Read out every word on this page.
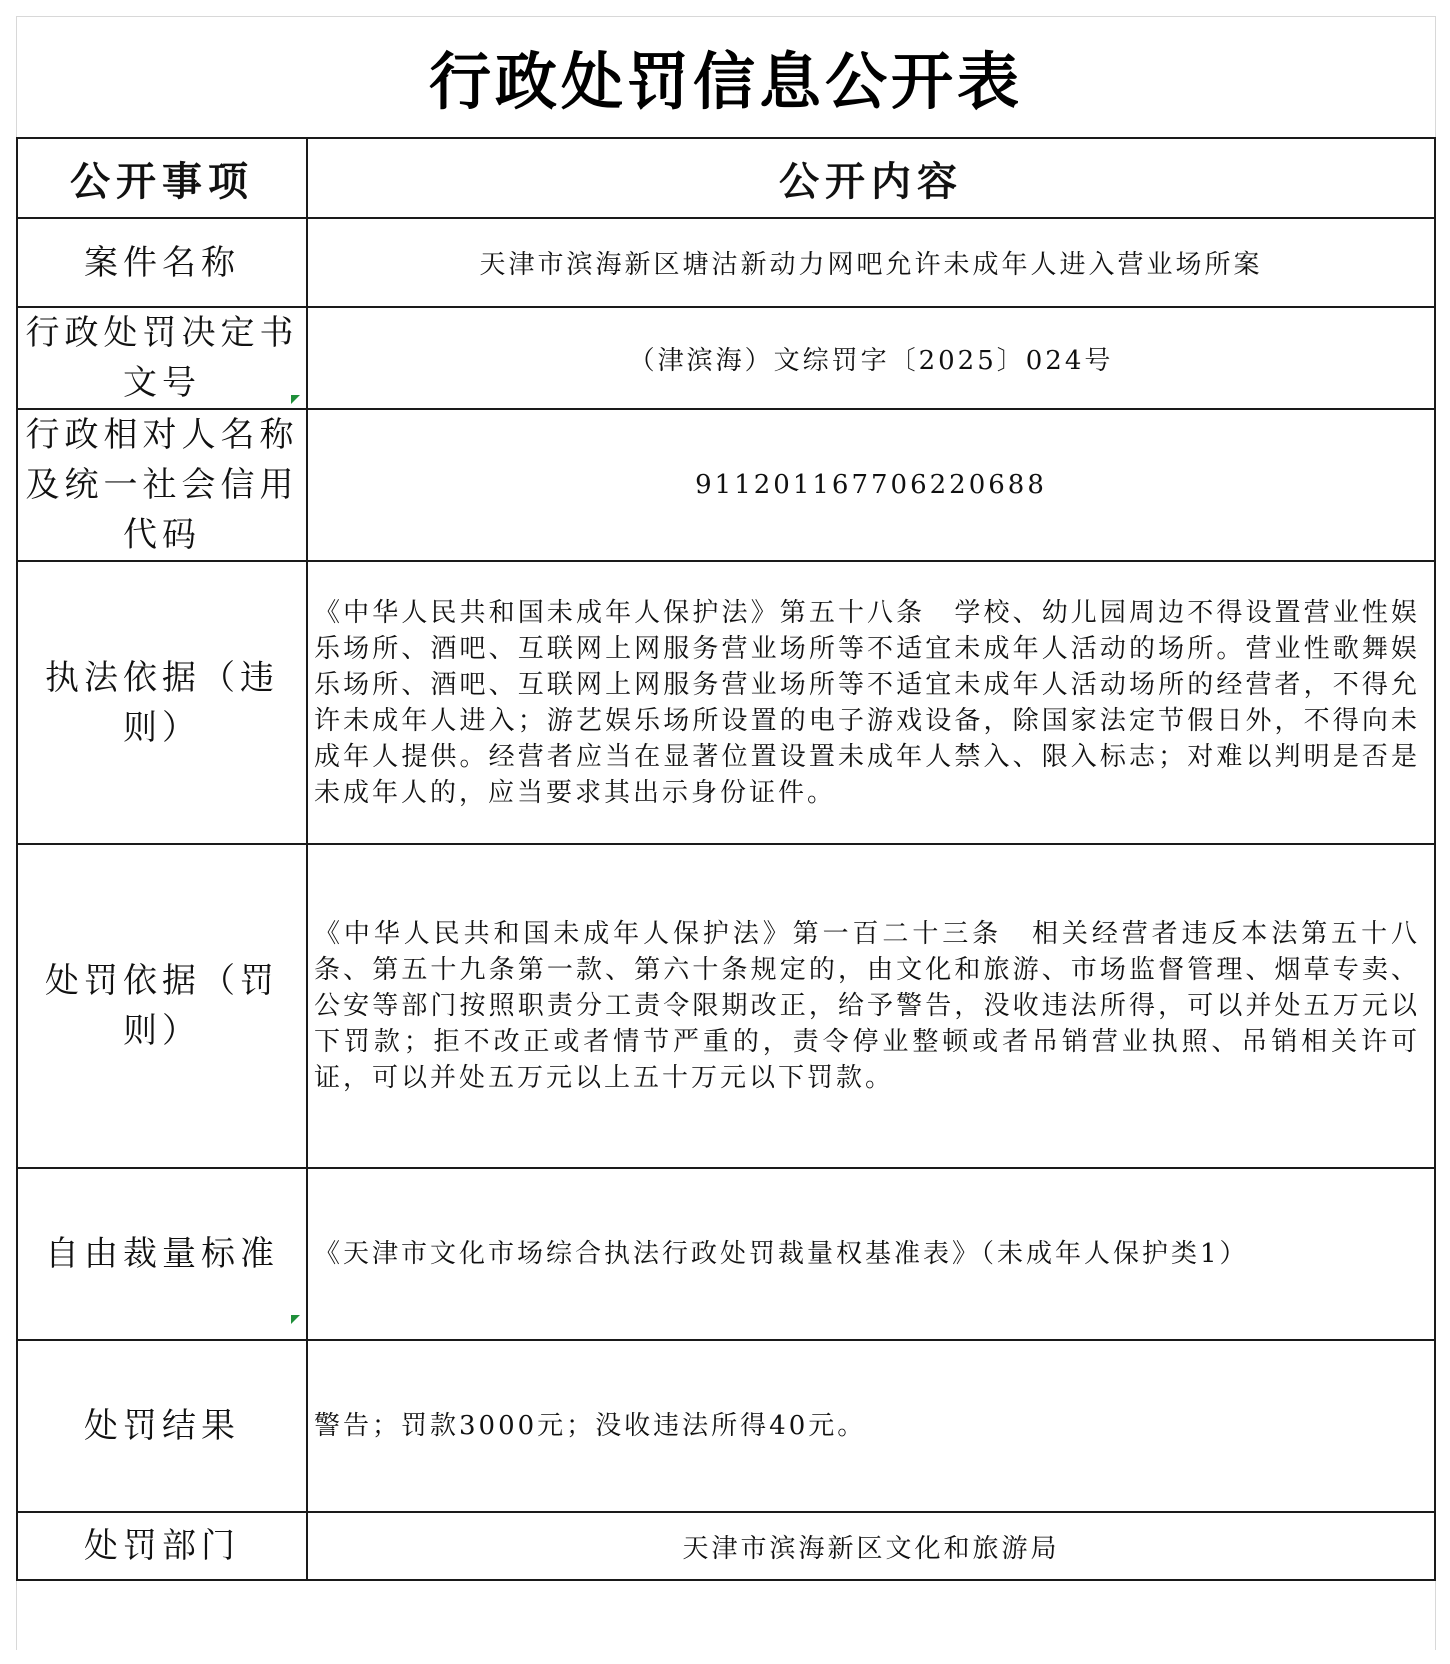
行政处罚信息公开表
公开事项	公开内容
案件名称	天津市滨海新区塘沽新动力网吧允许未成年人进入营业场所案
行政处罚决定书文号	（津滨海）文综罚字〔2025〕024号
行政相对人名称及统一社会信用代码	91120116770622068​8
执法依据（违则）	《中华人民共和国未成年人保护法》第五十八条　学校、幼儿园周边不得设置营业性娱乐场所、酒吧、互联网上网服务营业场所等不适宜未成年人活动的场所。营业性歌舞娱乐场所、酒吧、互联网上网服务营业场所等不适宜未成年人活动场所的经营者，不得允许未成年人进入；游艺娱乐场所设置的电子游戏设备，除国家法定节假日外，不得向未成年人提供。经营者应当在显著位置设置未成年人禁入、限入标志；对难以判明是否是未成年人的，应当要求其出示身份证件。
处罚依据（罚则）	《中华人民共和国未成年人保护法》第一百二十三条　相关经营者违反本法第五十八条、第五十九条第一款、第六十条规定的，由文化和旅游、市场监督管理、烟草专卖、公安等部门按照职责分工责令限期改正，给予警告，没收违法所得，可以并处五万元以下罚款；拒不改正或者情节严重的，责令停业整顿或者吊销营业执照、吊销相关许可证，可以并处五万元以上五十万元以下罚款。
自由裁量标准	《天津市文化市场综合执法行政处罚裁量权基准表》（未成年人保护类1）
处罚结果	警告；罚款3000元；没收违法所得40元。
处罚部门	天津市滨海新区文化和旅游局
